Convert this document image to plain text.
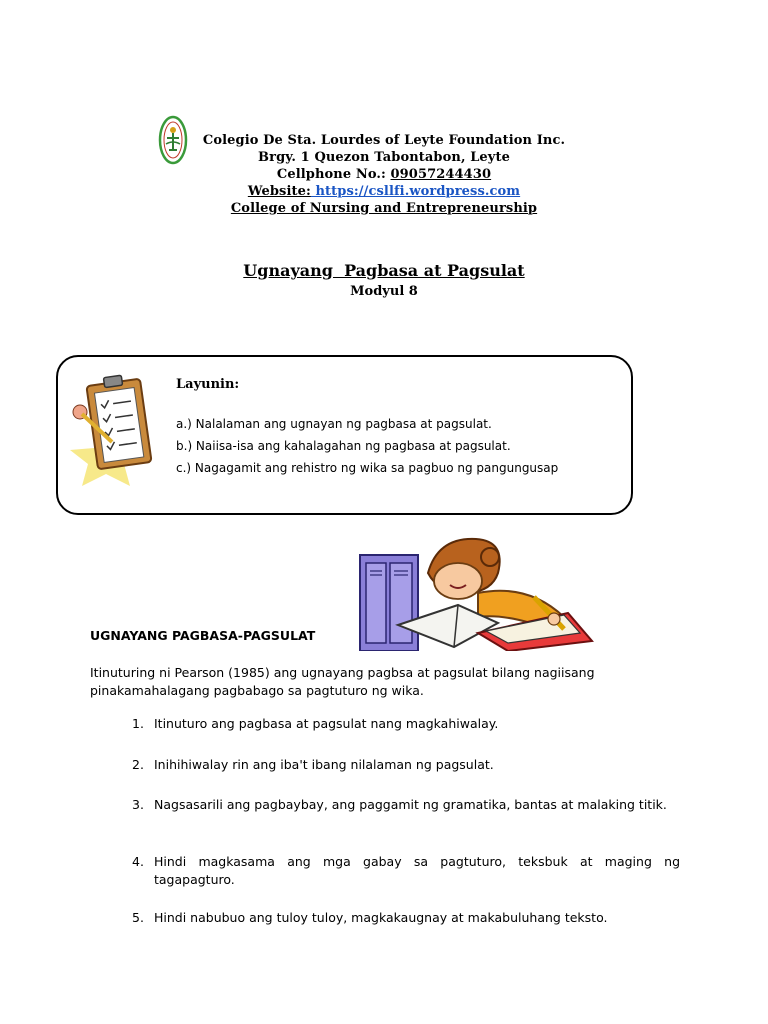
Colegio De Sta. Lourdes of Leyte Foundation Inc.
Brgy. 1 Quezon Tabontabon, Leyte
Cellphone No.: 09057244430
Website: https://csllfi.wordpress.com
College of Nursing and Entrepreneurship
Ugnayang  Pagbasa at Pagsulat
Modyul 8
Layunin:
a.) Nalalaman ang ugnayan ng pagbasa at pagsulat.
b.) Naiisa-isa ang kahalagahan ng pagbasa at pagsulat.
c.) Nagagamit ang rehistro ng wika sa pagbuo ng pangungusap
UGNAYANG PAGBASA-PAGSULAT
Itinuturing ni Pearson (1985) ang ugnayang pagbsa at pagsulat bilang nagiisang pinakamahalagang pagbabago sa pagtuturo ng wika.
1. Itinuturo ang pagbasa at pagsulat nang magkahiwalay.
2. Inihihiwalay rin ang iba't ibang nilalaman ng pagsulat.
3. Nagsasarili ang pagbaybay, ang paggamit ng gramatika, bantas at malaking titik.
4. Hindi magkasama ang mga gabay sa pagtuturo, teksbuk at maging ng tagapagturo.
5. Hindi nabubuo ang tuloy tuloy, magkakaugnay at makabuluhang teksto.
